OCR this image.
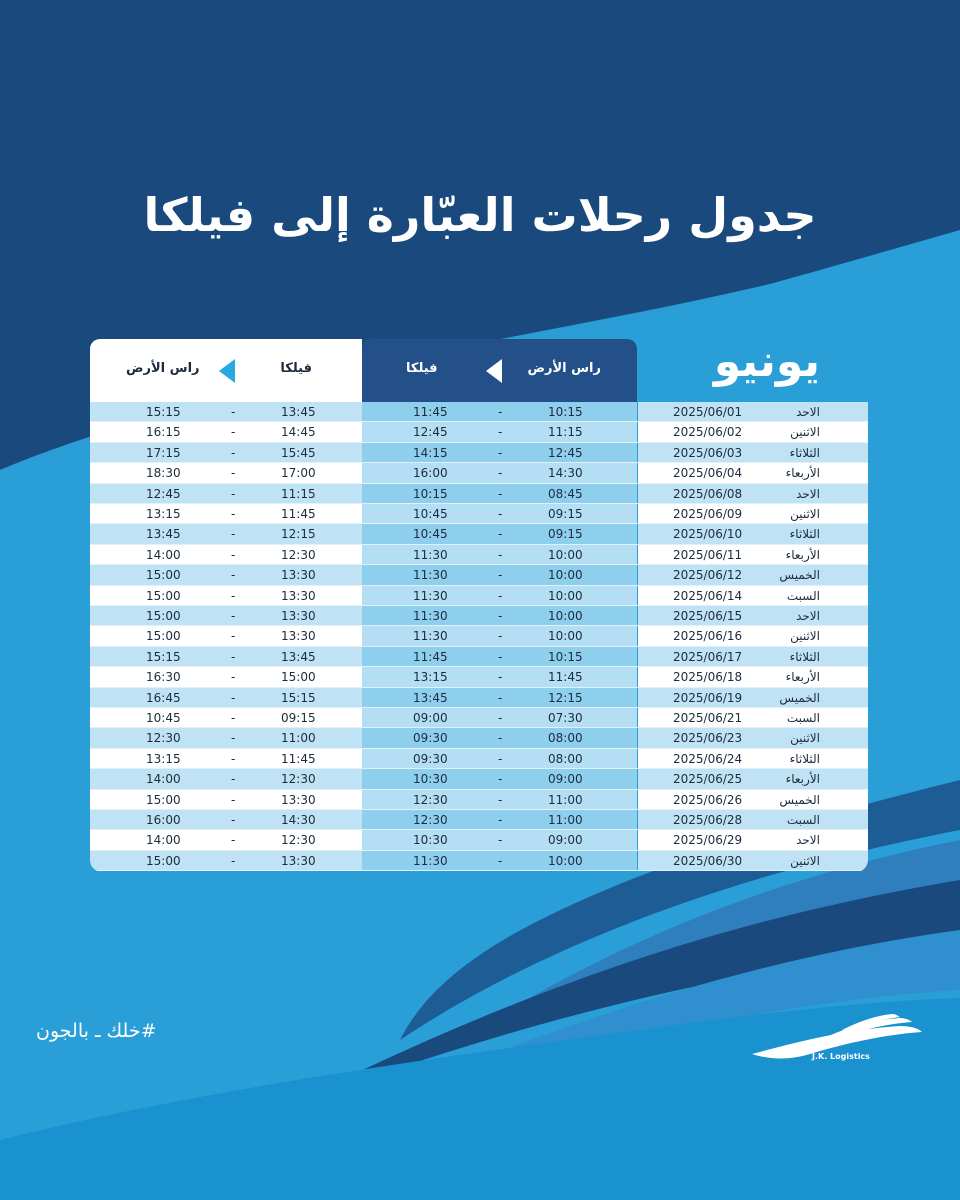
جدول رحلات العبّارة إلى فيلكا
يونيو
راس الأرض
فيلكا
فيلكا
راس الأرض
الاحد
2025/06/01
10:15
-
11:45
13:45
-
15:15
الاثنين
2025/06/02
11:15
-
12:45
14:45
-
16:15
الثلاثاء
2025/06/03
12:45
-
14:15
15:45
-
17:15
الأربعاء
2025/06/04
14:30
-
16:00
17:00
-
18:30
الاحد
2025/06/08
08:45
-
10:15
11:15
-
12:45
الاثنين
2025/06/09
09:15
-
10:45
11:45
-
13:15
الثلاثاء
2025/06/10
09:15
-
10:45
12:15
-
13:45
الأربعاء
2025/06/11
10:00
-
11:30
12:30
-
14:00
الخميس
2025/06/12
10:00
-
11:30
13:30
-
15:00
السبت
2025/06/14
10:00
-
11:30
13:30
-
15:00
الاحد
2025/06/15
10:00
-
11:30
13:30
-
15:00
الاثنين
2025/06/16
10:00
-
11:30
13:30
-
15:00
الثلاثاء
2025/06/17
10:15
-
11:45
13:45
-
15:15
الأربعاء
2025/06/18
11:45
-
13:15
15:00
-
16:30
الخميس
2025/06/19
12:15
-
13:45
15:15
-
16:45
السبت
2025/06/21
07:30
-
09:00
09:15
-
10:45
الاثنين
2025/06/23
08:00
-
09:30
11:00
-
12:30
الثلاثاء
2025/06/24
08:00
-
09:30
11:45
-
13:15
الأربعاء
2025/06/25
09:00
-
10:30
12:30
-
14:00
الخميس
2025/06/26
11:00
-
12:30
13:30
-
15:00
السبت
2025/06/28
11:00
-
12:30
14:30
-
16:00
الاحد
2025/06/29
09:00
-
10:30
12:30
-
14:00
الاثنين
2025/06/30
10:00
-
11:30
13:30
-
15:00
#خلك ـ بالجون
J.K. Logistics
